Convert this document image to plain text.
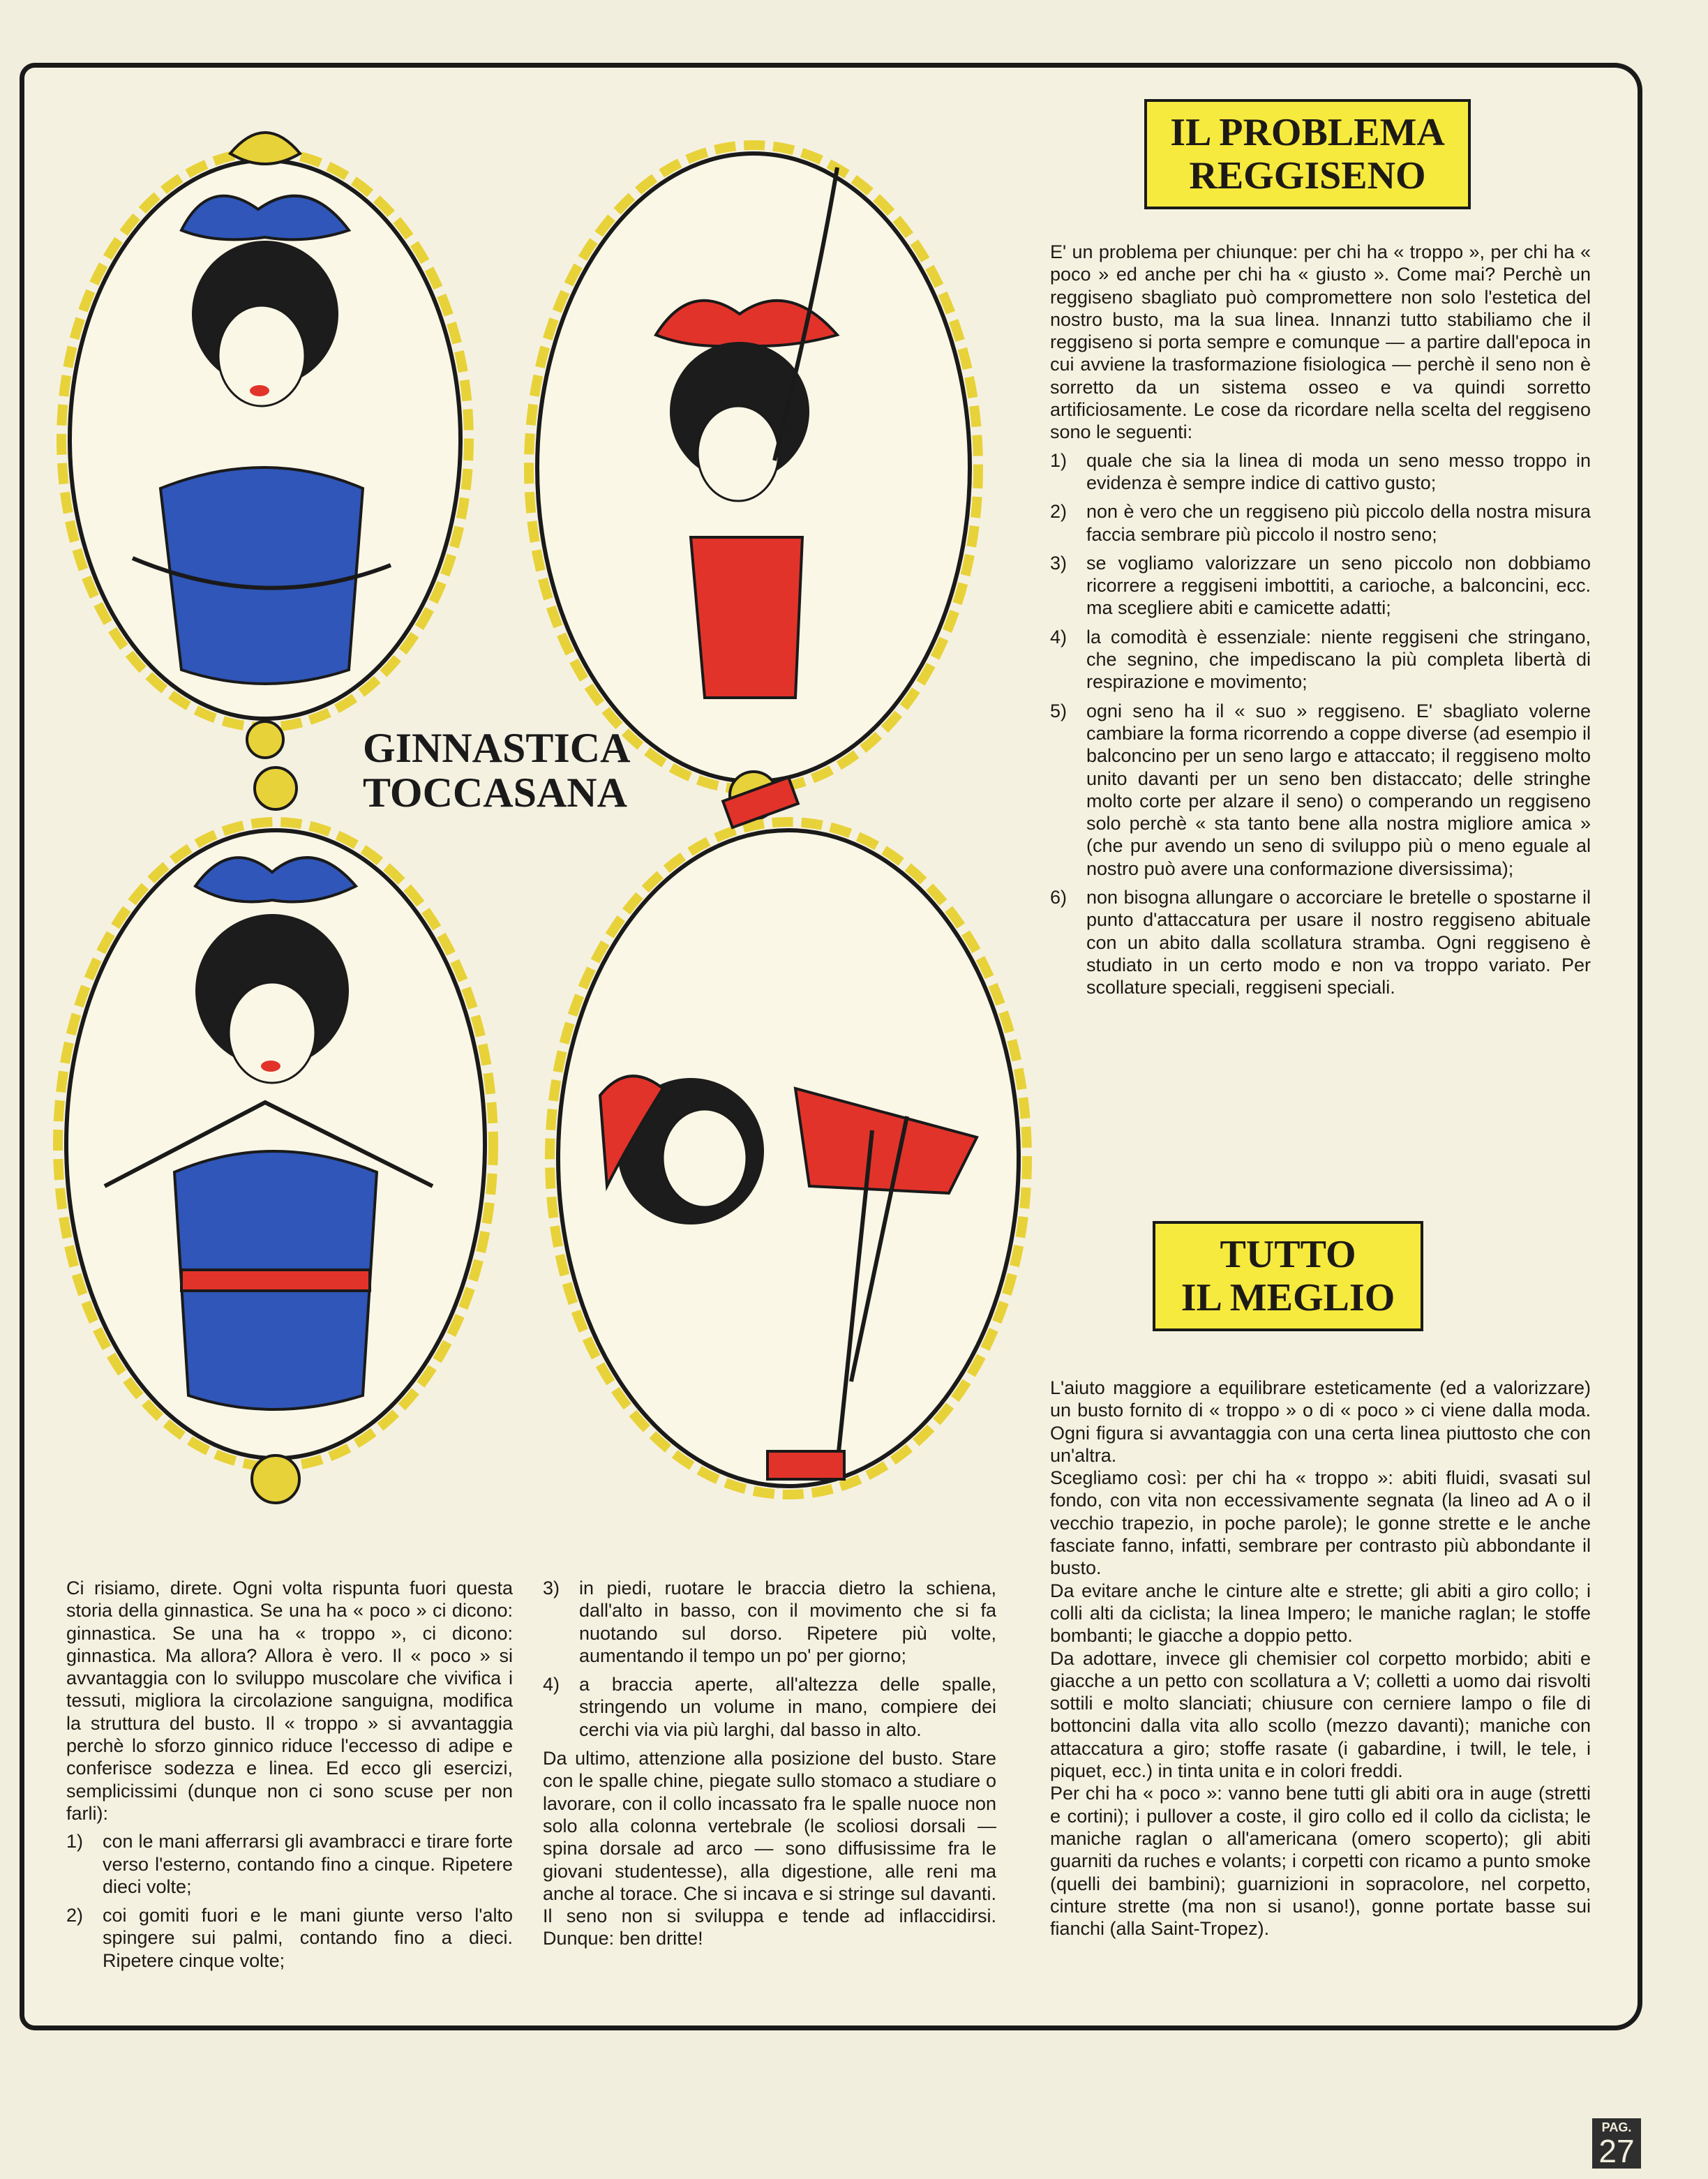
GINNASTICA
TOCCASANA
IL PROBLEMA
REGGISENO
TUTTO
IL MEGLIO

E' un problema per chiunque: per chi ha « troppo », per chi ha « poco » ed anche per chi ha « giusto ». Come mai? Perchè un reggiseno sbagliato può compromettere non solo l'estetica del nostro busto, ma la sua linea. Innanzi tutto stabiliamo che il reggiseno si porta sempre e comunque — a partire dall'epoca in cui avviene la trasformazione fisiologica — perchè il seno non è sorretto da un sistema osseo e va quindi sorretto artificiosamente. Le cose da ricordare nella scelta del reggiseno sono le seguenti:

1) quale che sia la linea di moda un seno messo troppo in evidenza è sempre indice di cattivo gusto;
2) non è vero che un reggiseno più piccolo della nostra misura faccia sembrare più piccolo il nostro seno;
3) se vogliamo valorizzare un seno piccolo non dobbiamo ricorrere a reggiseni imbottiti, a carioche, a balconcini, ecc. ma scegliere abiti e camicette adatti;
4) la comodità è essenziale: niente reggiseni che stringano, che segnino, che impediscano la più completa libertà di respirazione e movimento;
5) ogni seno ha il « suo » reggiseno. E' sbagliato volerne cambiare la forma ricorrendo a coppe diverse (ad esempio il balconcino per un seno largo e attaccato; il reggiseno molto unito davanti per un seno ben distaccato; delle stringhe molto corte per alzare il seno) o comperando un reggiseno solo perchè « sta tanto bene alla nostra migliore amica » (che pur avendo un seno di sviluppo più o meno eguale al nostro può avere una conformazione diversissima);
6) non bisogna allungare o accorciare le bretelle o spostarne il punto d'attaccatura per usare il nostro reggiseno abituale con un abito dalla scollatura stramba. Ogni reggiseno è studiato in un certo modo e non va troppo variato. Per scollature speciali, reggiseni speciali.

L'aiuto maggiore a equilibrare esteticamente (ed a valorizzare) un busto fornito di « troppo » o di « poco » ci viene dalla moda. Ogni figura si avvantaggia con una certa linea piuttosto che con un'altra.

Scegliamo così: per chi ha « troppo »: abiti fluidi, svasati sul fondo, con vita non eccessivamente segnata (la lineo ad A o il vecchio trapezio, in poche parole); le gonne strette e le anche fasciate fanno, infatti, sembrare per contrasto più abbondante il busto.

Da evitare anche le cinture alte e strette; gli abiti a giro collo; i colli alti da ciclista; la linea Impero; le maniche raglan; le stoffe bombanti; le giacche a doppio petto.

Da adottare, invece gli chemisier col corpetto morbido; abiti e giacche a un petto con scollatura a V; colletti a uomo dai risvolti sottili e molto slanciati; chiusure con cerniere lampo o file di bottoncini dalla vita allo scollo (mezzo davanti); maniche con attaccatura a giro; stoffe rasate (i gabardine, i twill, le tele, i piquet, ecc.) in tinta unita e in colori freddi.

Per chi ha « poco »: vanno bene tutti gli abiti ora in auge (stretti e cortini); i pullover a coste, il giro collo ed il collo da ciclista; le maniche raglan o all'americana (omero scoperto); gli abiti guarniti da ruches e volants; i corpetti con ricamo a punto smoke (quelli dei bambini); guarnizioni in sopracolore, nel corpetto, cinture strette (ma non si usano!), gonne portate basse sui fianchi (alla Saint-Tropez).

Ci risiamo, direte. Ogni volta rispunta fuori questa storia della ginnastica. Se una ha « poco » ci dicono: ginnastica. Se una ha « troppo », ci dicono: ginnastica. Ma allora? Allora è vero. Il « poco » si avvantaggia con lo sviluppo muscolare che vivifica i tessuti, migliora la circolazione sanguigna, modifica la struttura del busto. Il « troppo » si avvantaggia perchè lo sforzo ginnico riduce l'eccesso di adipe e conferisce sodezza e linea. Ed ecco gli esercizi, semplicissimi (dunque non ci sono scuse per non farli):

1) con le mani afferrarsi gli avambracci e tirare forte verso l'esterno, contando fino a cinque. Ripetere dieci volte;
2) coi gomiti fuori e le mani giunte verso l'alto spingere sui palmi, contando fino a dieci. Ripetere cinque volte;
3) in piedi, ruotare le braccia dietro la schiena, dall'alto in basso, con il movimento che si fa nuotando sul dorso. Ripetere più volte, aumentando il tempo un po' per giorno;
4) a braccia aperte, all'altezza delle spalle, stringendo un volume in mano, compiere dei cerchi via via più larghi, dal basso in alto.

Da ultimo, attenzione alla posizione del busto. Stare con le spalle chine, piegate sullo stomaco a studiare o lavorare, con il collo incassato fra le spalle nuoce non solo alla colonna vertebrale (le scoliosi dorsali — spina dorsale ad arco — sono diffusissime fra le giovani studentesse), alla digestione, alle reni ma anche al torace. Che si incava e si stringe sul davanti. Il seno non si sviluppa e tende ad inflaccidirsi. Dunque: ben dritte!

PAG.
27
